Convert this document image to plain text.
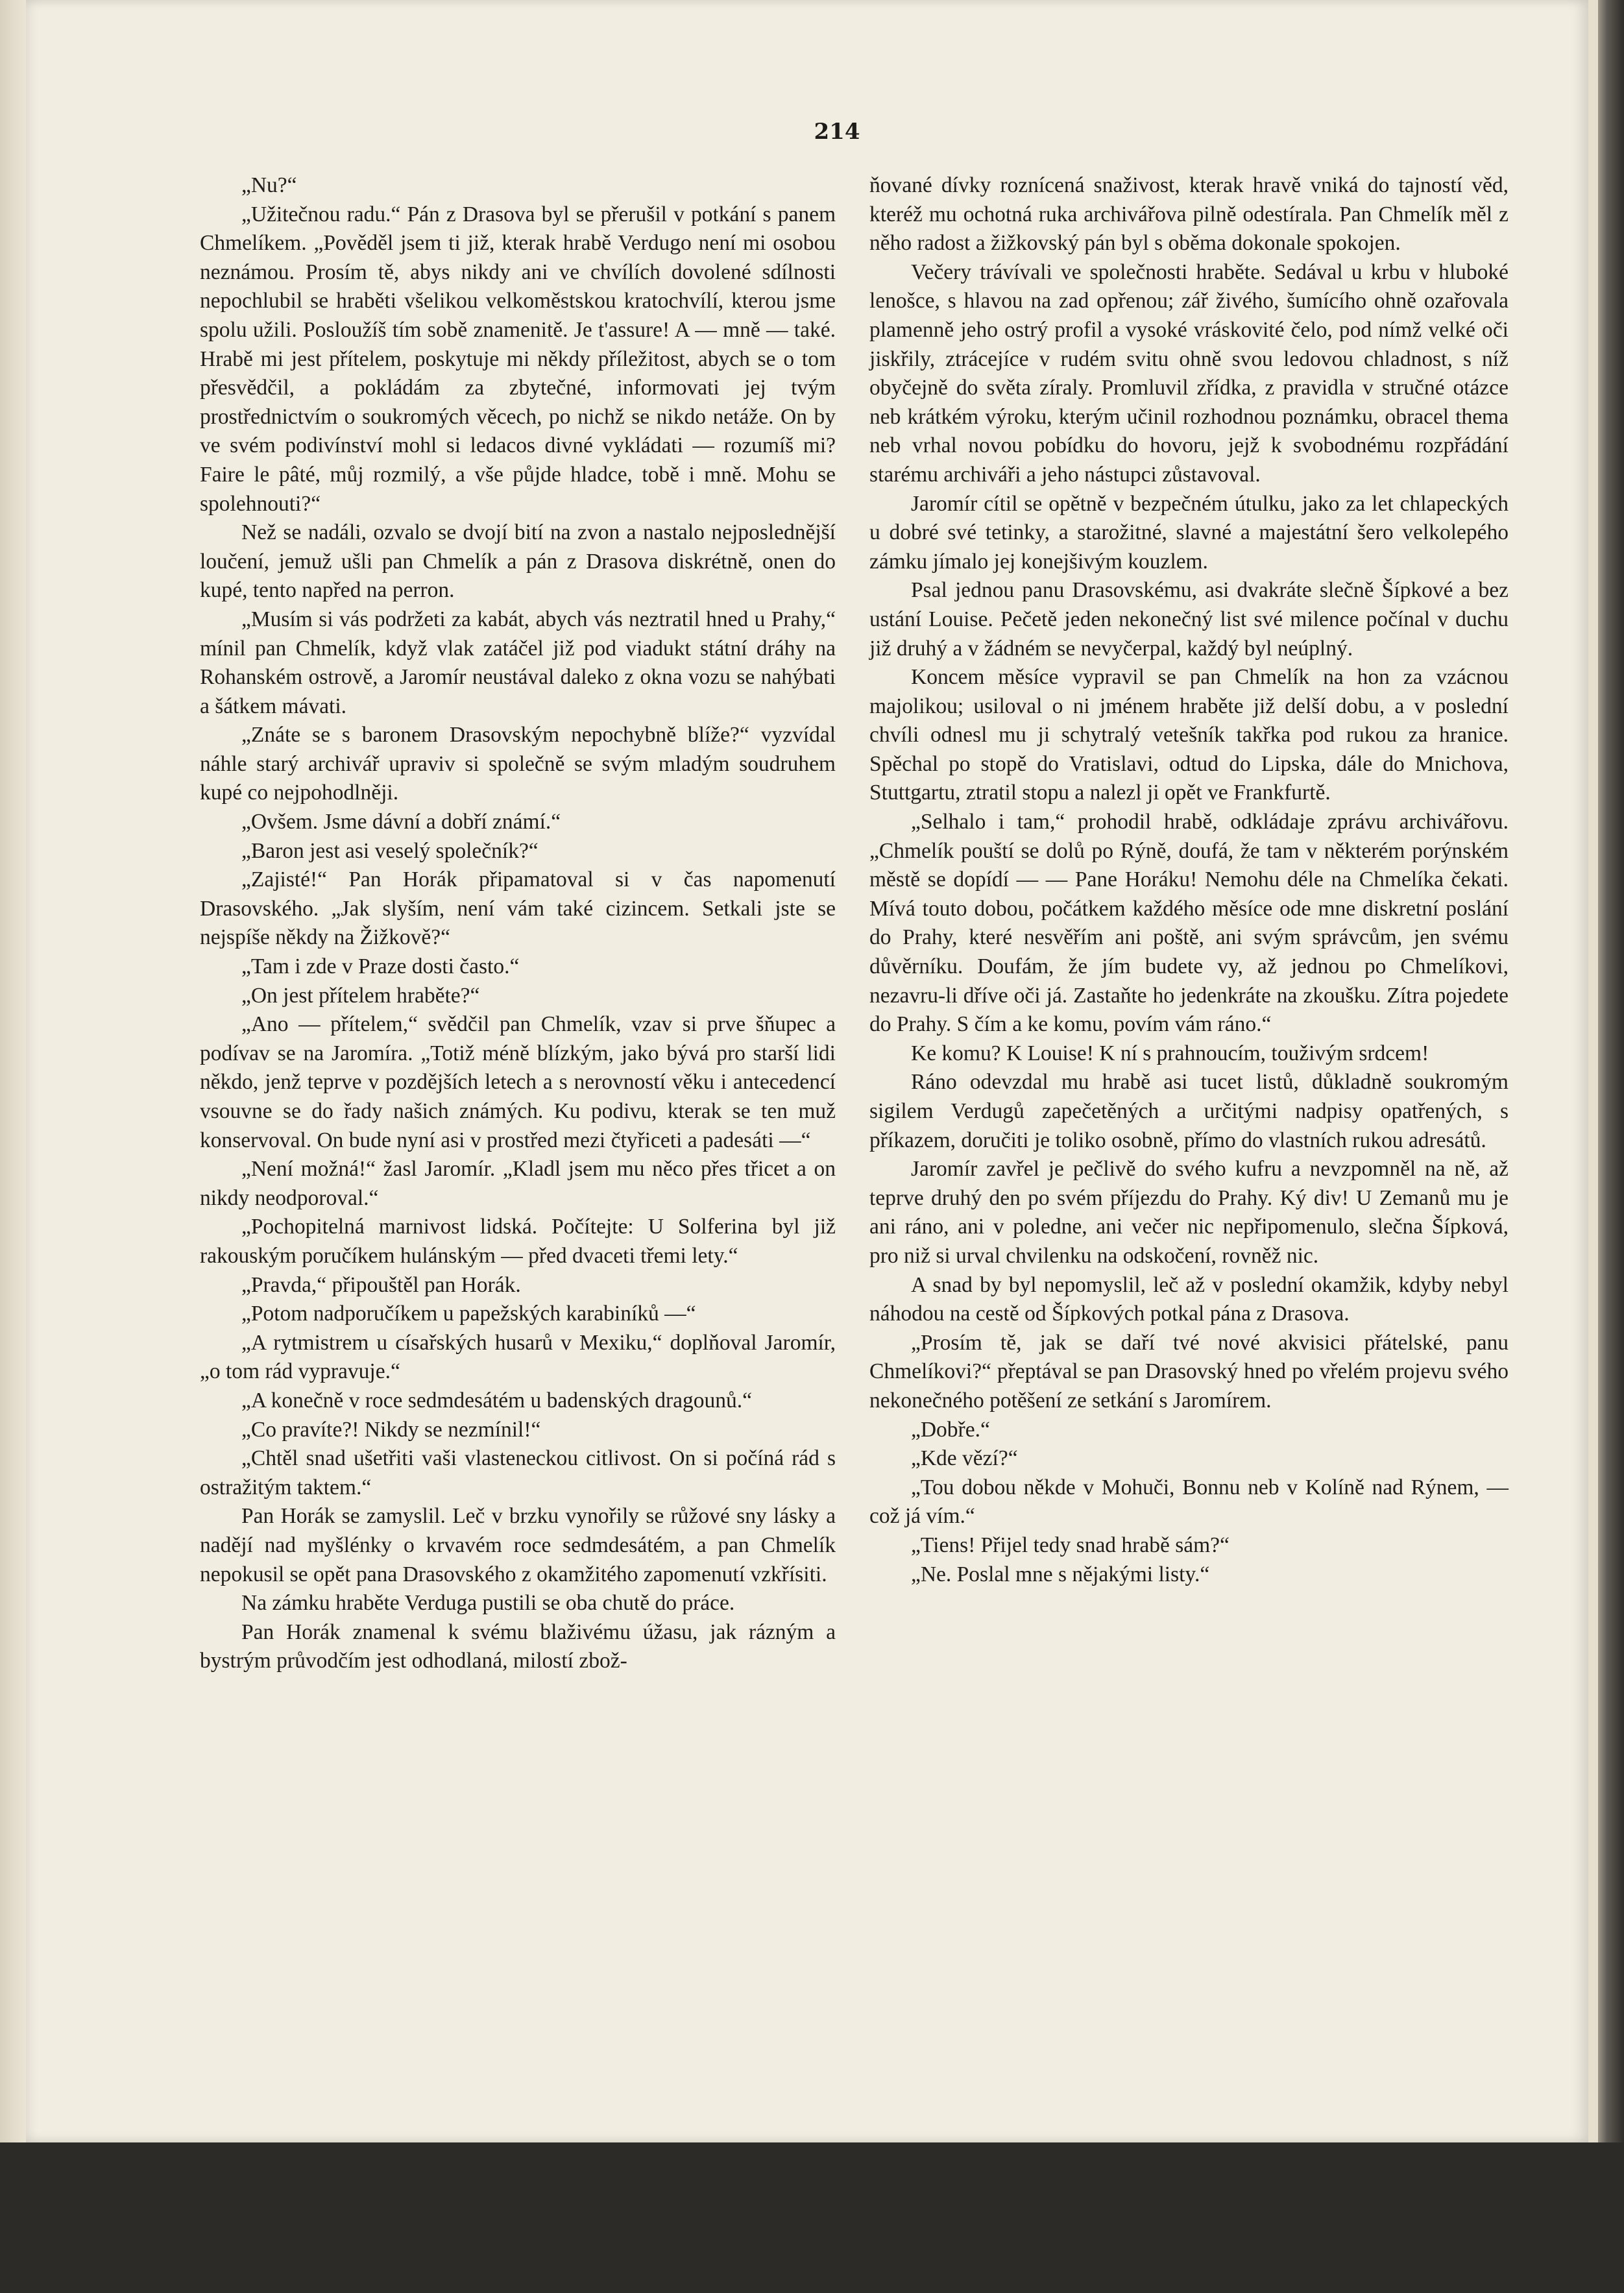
214

„Nu?“

„Užitečnou radu.“ Pán z Drasova byl se přerušil v potkání s panem Chmelíkem. „Pověděl jsem ti již, kterak hrabě Verdugo není mi osobou neznámou. Prosím tě, abys nikdy ani ve chvílích dovolené sdílnosti nepochlubil se hraběti všelikou velkoměstskou kratochvílí, kterou jsme spolu užili. Posloužíš tím sobě znamenitě. Je t'assure! A — mně — také. Hrabě mi jest přítelem, poskytuje mi někdy příležitost, abych se o tom přesvědčil, a pokládám za zbytečné, informovati jej tvým prostřednictvím o soukromých věcech, po nichž se nikdo netáže. On by ve svém podivínství mohl si ledacos divné vykládati — rozumíš mi? Faire le pâté, můj rozmilý, a vše půjde hladce, tobě i mně. Mohu se spolehnouti?“

Než se nadáli, ozvalo se dvojí bití na zvon a nastalo nejposlednější loučení, jemuž ušli pan Chmelík a pán z Drasova diskrétně, onen do kupé, tento napřed na perron.

„Musím si vás podržeti za kabát, abych vás neztratil hned u Prahy,“ mínil pan Chmelík, když vlak zatáčel již pod viadukt státní dráhy na Rohanském ostrově, a Jaromír neustával daleko z okna vozu se nahýbati a šátkem mávati.

„Znáte se s baronem Drasovským nepochybně blíže?“ vyzvídal náhle starý archivář upraviv si společně se svým mladým soudruhem kupé co nejpohodlněji.

„Ovšem. Jsme dávní a dobří známí.“

„Baron jest asi veselý společník?“

„Zajisté!“ Pan Horák připamatoval si v čas napomenutí Drasovského. „Jak slyším, není vám také cizincem. Setkali jste se nejspíše někdy na Žižkově?“

„Tam i zde v Praze dosti často.“

„On jest přítelem hraběte?“

„Ano — přítelem,“ svědčil pan Chmelík, vzav si prve šňupec a podívav se na Jaromíra. „Totiž méně blízkým, jako bývá pro starší lidi někdo, jenž teprve v pozdějších letech a s nerovností věku i antecedencí vsouvne se do řady našich známých. Ku podivu, kterak se ten muž konservoval. On bude nyní asi v prostřed mezi čtyřiceti a padesáti —“

„Není možná!“ žasl Jaromír. „Kladl jsem mu něco přes třicet a on nikdy neodporoval.“

„Pochopitelná marnivost lidská. Počítejte: U Solferina byl již rakouským poručíkem hulánským — před dvaceti třemi lety.“

„Pravda,“ připouštěl pan Horák.

„Potom nadporučíkem u papežských karabiníků —“

„A rytmistrem u císařských husarů v Mexiku,“ doplňoval Jaromír, „o tom rád vypravuje.“

„A konečně v roce sedmdesátém u badenských dragounů.“

„Co pravíte?! Nikdy se nezmínil!“

„Chtěl snad ušetřiti vaši vlasteneckou citlivost. On si počíná rád s ostražitým taktem.“

Pan Horák se zamyslil. Leč v brzku vynořily se růžové sny lásky a nadějí nad myšlénky o krvavém roce sedmdesátém, a pan Chmelík nepokusil se opět pana Drasovského z okamžitého zapomenutí vzkřísiti.

Na zámku hraběte Verduga pustili se oba chutě do práce.

Pan Horák znamenal k svému blaživému úžasu, jak rázným a bystrým průvodčím jest odhodlaná, milostí zbož-

ňované dívky roznícená snaživost, kterak hravě vniká do tajností věd, kteréž mu ochotná ruka archivářova pilně odestírala. Pan Chmelík měl z něho radost a žižkovský pán byl s oběma dokonale spokojen.

Večery trávívali ve společnosti hraběte. Sedával u krbu v hluboké lenošce, s hlavou na zad opřenou; zář živého, šumícího ohně ozařovala plamenně jeho ostrý profil a vysoké vráskovité čelo, pod nímž velké oči jiskřily, ztrácejíce v rudém svitu ohně svou ledovou chladnost, s níž obyčejně do světa zíraly. Promluvil zřídka, z pravidla v stručné otázce neb krátkém výroku, kterým učinil rozhodnou poznámku, obracel thema neb vrhal novou pobídku do hovoru, jejž k svobodnému rozpřádání starému archiváři a jeho nástupci zůstavoval.

Jaromír cítil se opětně v bezpečném útulku, jako za let chlapeckých u dobré své tetinky, a starožitné, slavné a majestátní šero velkolepého zámku jímalo jej konejšivým kouzlem.

Psal jednou panu Drasovskému, asi dvakráte slečně Šípkové a bez ustání Louise. Pečetě jeden nekonečný list své milence počínal v duchu již druhý a v žádném se nevyčerpal, každý byl neúplný.

Koncem měsíce vypravil se pan Chmelík na hon za vzácnou majolikou; usiloval o ni jménem hraběte již delší dobu, a v poslední chvíli odnesl mu ji schytralý vetešník takřka pod rukou za hranice. Spěchal po stopě do Vratislavi, odtud do Lipska, dále do Mnichova, Stuttgartu, ztratil stopu a nalezl ji opět ve Frankfurtě.

„Selhalo i tam,“ prohodil hrabě, odkládaje zprávu archivářovu. „Chmelík pouští se dolů po Rýně, doufá, že tam v některém porýnském městě se dopídí — — Pane Horáku! Nemohu déle na Chmelíka čekati. Mívá touto dobou, počátkem každého měsíce ode mne diskretní poslání do Prahy, které nesvěřím ani poště, ani svým správcům, jen svému důvěrníku. Doufám, že jím budete vy, až jednou po Chmelíkovi, nezavru-li dříve oči já. Zastaňte ho jedenkráte na zkoušku. Zítra pojedete do Prahy. S čím a ke komu, povím vám ráno.“

Ke komu? K Louise! K ní s prahnoucím, touživým srdcem!

Ráno odevzdal mu hrabě asi tucet listů, důkladně soukromým sigilem Verdugů zapečetěných a určitými nadpisy opatřených, s příkazem, doručiti je toliko osobně, přímo do vlastních rukou adresátů.

Jaromír zavřel je pečlivě do svého kufru a nevzpomněl na ně, až teprve druhý den po svém příjezdu do Prahy. Ký div! U Zemanů mu je ani ráno, ani v poledne, ani večer nic nepřipomenulo, slečna Šípková, pro niž si urval chvilenku na odskočení, rovněž nic.

A snad by byl nepomyslil, leč až v poslední okamžik, kdyby nebyl náhodou na cestě od Šípkových potkal pána z Drasova.

„Prosím tě, jak se daří tvé nové akvisici přátelské, panu Chmelíkovi?“ přeptával se pan Drasovský hned po vřelém projevu svého nekonečného potěšení ze setkání s Jaromírem.

„Dobře.“

„Kde vězí?“

„Tou dobou někde v Mohuči, Bonnu neb v Kolíně nad Rýnem, — což já vím.“

„Tiens! Přijel tedy snad hrabě sám?“

„Ne. Poslal mne s nějakými listy.“
